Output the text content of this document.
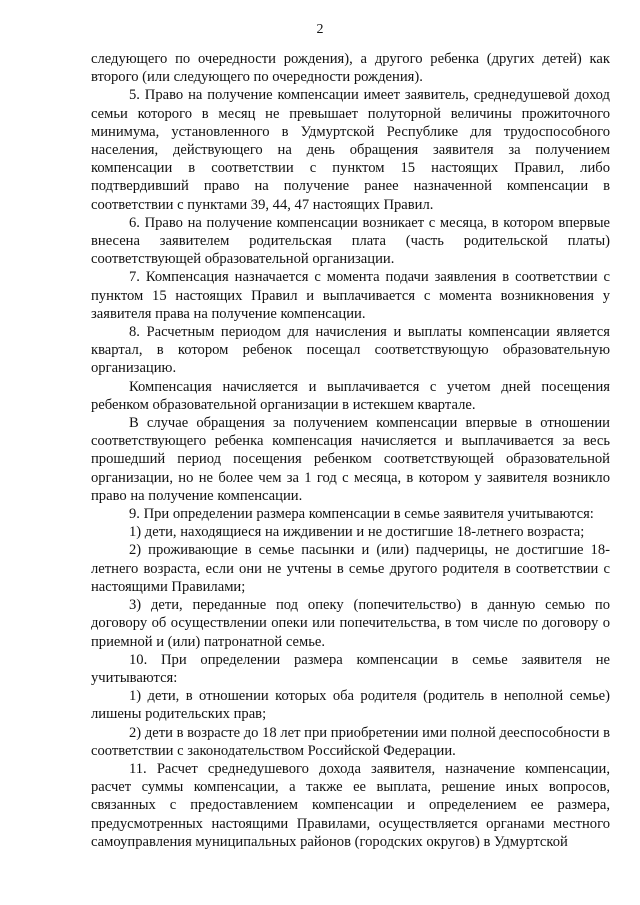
2

следующего по очередности рождения), а другого ребенка (других детей) как второго (или следующего по очередности рождения).

5. Право на получение компенсации имеет заявитель, среднедушевой доход семьи которого в месяц не превышает полуторной величины прожиточного минимума, установленного в Удмуртской Республике для трудоспособного населения, действующего на день обращения заявителя за получением компенсации в соответствии с пунктом 15 настоящих Правил, либо подтвердивший право на получение ранее назначенной компенсации в соответствии с пунктами 39, 44, 47 настоящих Правил.

6. Право на получение компенсации возникает с месяца, в котором впервые внесена заявителем родительская плата (часть родительской платы) соответствующей образовательной организации.

7. Компенсация назначается с момента подачи заявления в соответствии с пунктом 15 настоящих Правил и выплачивается с момента возникновения у заявителя права на получение компенсации.

8. Расчетным периодом для начисления и выплаты компенсации является квартал, в котором ребенок посещал соответствующую образовательную организацию.

Компенсация начисляется и выплачивается с учетом дней посещения ребенком образовательной организации в истекшем квартале.

В случае обращения за получением компенсации впервые в отношении соответствующего ребенка компенсация начисляется и выплачивается за весь прошедший период посещения ребенком соответствующей образовательной организации, но не более чем за 1 год с месяца, в котором у заявителя возникло право на получение компенсации.

9. При определении размера компенсации в семье заявителя учитываются:

1) дети, находящиеся на иждивении и не достигшие 18-летнего возраста;

2) проживающие в семье пасынки и (или) падчерицы, не достигшие 18-летнего возраста, если они не учтены в семье другого родителя в соответствии с настоящими Правилами;

3) дети, переданные под опеку (попечительство) в данную семью по договору об осуществлении опеки или попечительства, в том числе по договору о приемной и (или) патронатной семье.

10. При определении размера компенсации в семье заявителя не учитываются:

1) дети, в отношении которых оба родителя (родитель в неполной семье) лишены родительских прав;

2) дети в возрасте до 18 лет при приобретении ими полной дееспособности в соответствии с законодательством Российской Федерации.

11. Расчет среднедушевого дохода заявителя, назначение компенсации, расчет суммы компенсации, а также ее выплата, решение иных вопросов, связанных с предоставлением компенсации и определением ее размера, предусмотренных настоящими Правилами, осуществляется органами местного самоуправления муниципальных районов (городских округов) в Удмуртской
